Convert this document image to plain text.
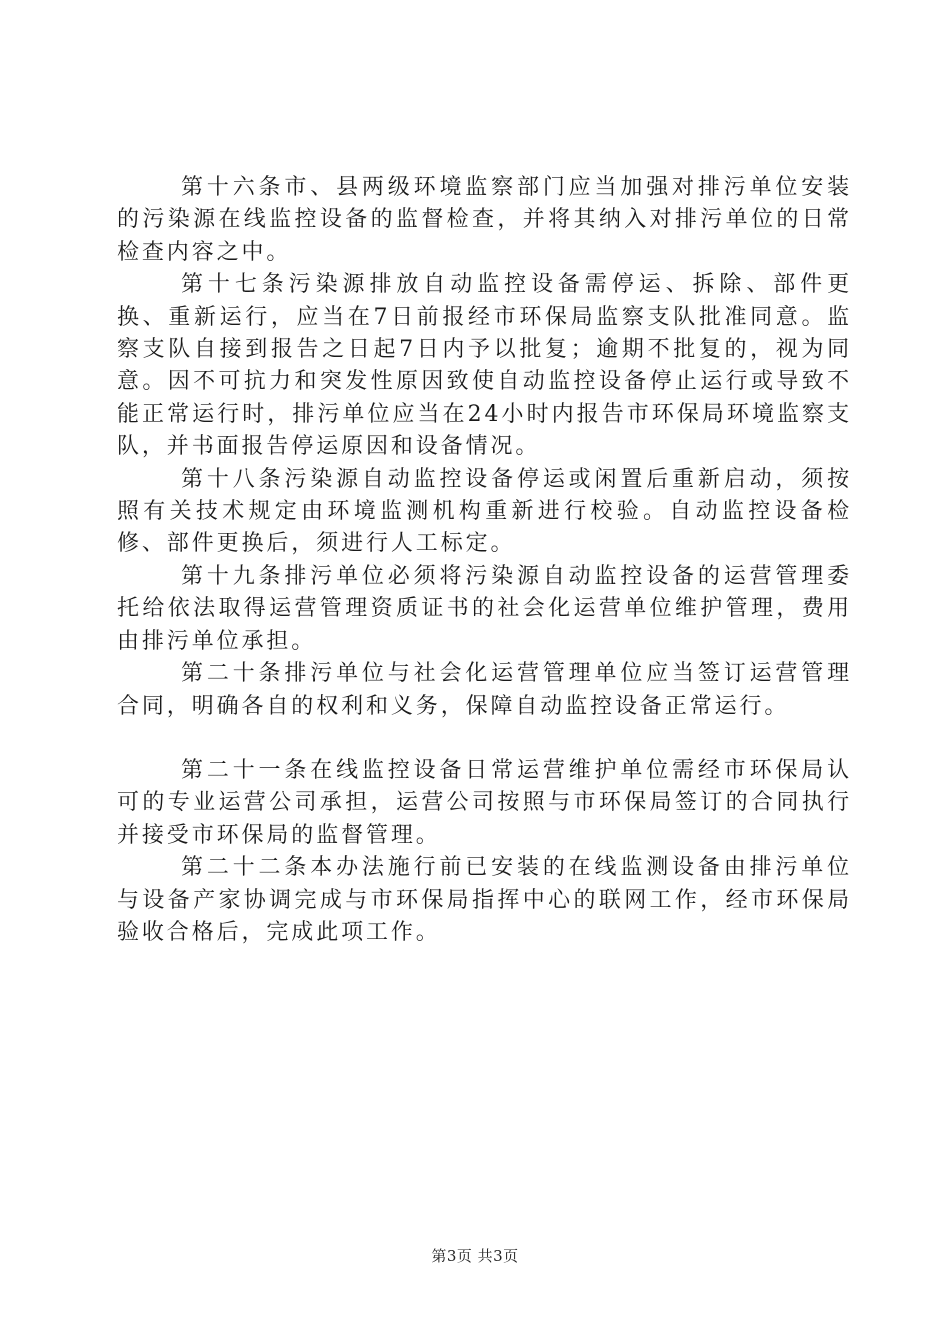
第十六条市、县两级环境监察部门应当加强对排污单位安装的污染源在线监控设备的监督检查，并将其纳入对排污单位的日常检查内容之中。

第十七条污染源排放自动监控设备需停运、拆除、部件更换、重新运行，应当在7日前报经市环保局监察支队批准同意。监察支队自接到报告之日起7日内予以批复；逾期不批复的，视为同意。因不可抗力和突发性原因致使自动监控设备停止运行或导致不能正常运行时，排污单位应当在24小时内报告市环保局环境监察支队，并书面报告停运原因和设备情况。

第十八条污染源自动监控设备停运或闲置后重新启动，须按照有关技术规定由环境监测机构重新进行校验。自动监控设备检修、部件更换后，须进行人工标定。

第十九条排污单位必须将污染源自动监控设备的运营管理委托给依法取得运营管理资质证书的社会化运营单位维护管理，费用由排污单位承担。

第二十条排污单位与社会化运营管理单位应当签订运营管理合同，明确各自的权利和义务，保障自动监控设备正常运行。

第二十一条在线监控设备日常运营维护单位需经市环保局认可的专业运营公司承担，运营公司按照与市环保局签订的合同执行并接受市环保局的监督管理。

第二十二条本办法施行前已安装的在线监测设备由排污单位与设备产家协调完成与市环保局指挥中心的联网工作，经市环保局验收合格后，完成此项工作。

第3页 共3页
